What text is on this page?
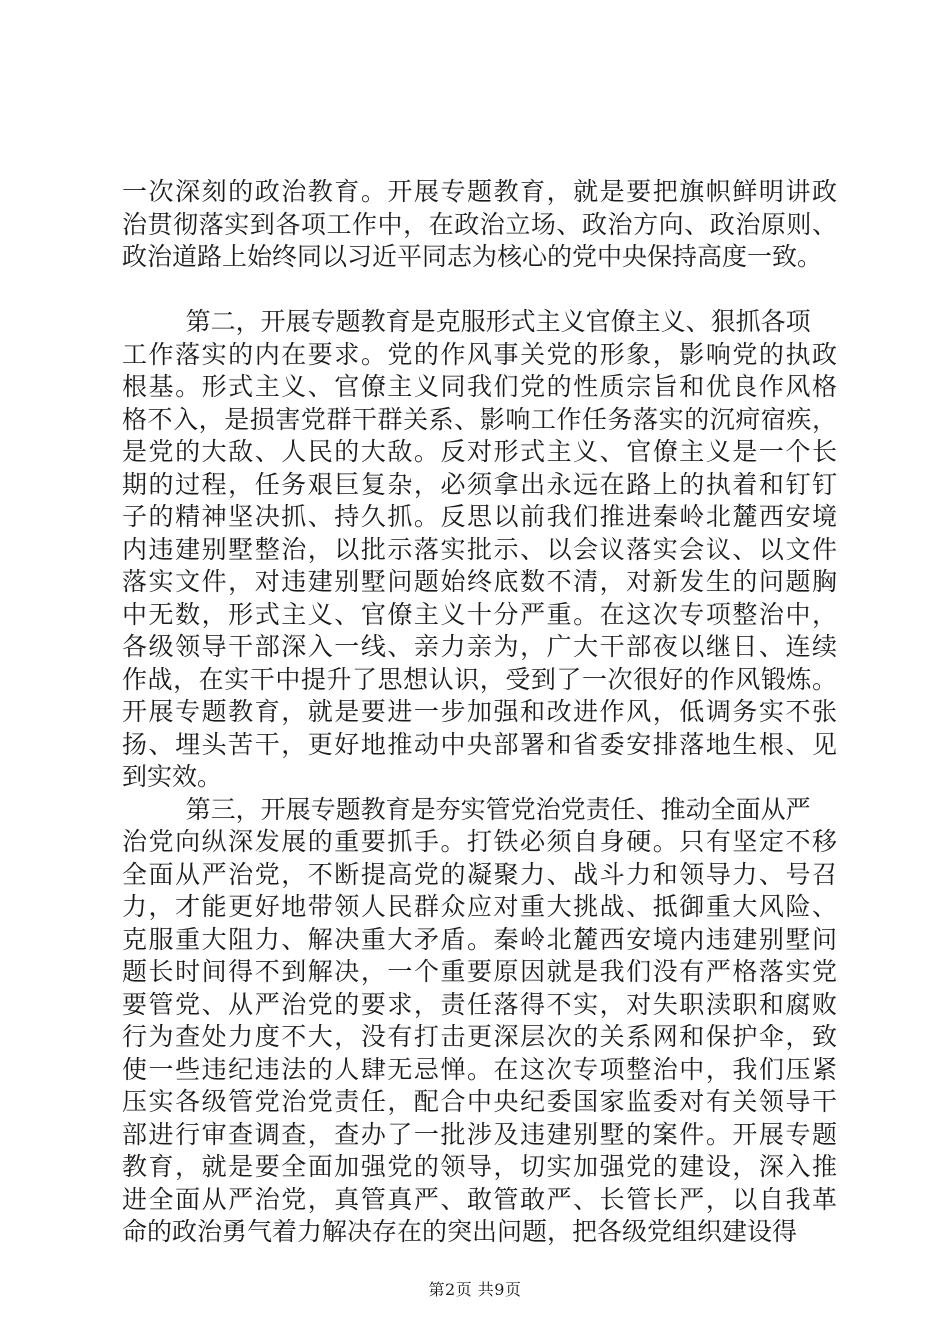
一次深刻的政治教育。开展专题教育，就是要把旗帜鲜明讲政
治贯彻落实到各项工作中，在政治立场、政治方向、政治原则、
政治道路上始终同以习近平同志为核心的党中央保持高度一致。
第二，开展专题教育是克服形式主义官僚主义、狠抓各项
工作落实的内在要求。党的作风事关党的形象，影响党的执政
根基。形式主义、官僚主义同我们党的性质宗旨和优良作风格
格不入，是损害党群干群关系、影响工作任务落实的沉疴宿疾，
是党的大敌、人民的大敌。反对形式主义、官僚主义是一个长
期的过程，任务艰巨复杂，必须拿出永远在路上的执着和钉钉
子的精神坚决抓、持久抓。反思以前我们推进秦岭北麓西安境
内违建别墅整治，以批示落实批示、以会议落实会议、以文件
落实文件，对违建别墅问题始终底数不清，对新发生的问题胸
中无数，形式主义、官僚主义十分严重。在这次专项整治中，
各级领导干部深入一线、亲力亲为，广大干部夜以继日、连续
作战，在实干中提升了思想认识，受到了一次很好的作风锻炼。
开展专题教育，就是要进一步加强和改进作风，低调务实不张
扬、埋头苦干，更好地推动中央部署和省委安排落地生根、见
到实效。
第三，开展专题教育是夯实管党治党责任、推动全面从严
治党向纵深发展的重要抓手。打铁必须自身硬。只有坚定不移
全面从严治党，不断提高党的凝聚力、战斗力和领导力、号召
力，才能更好地带领人民群众应对重大挑战、抵御重大风险、
克服重大阻力、解决重大矛盾。秦岭北麓西安境内违建别墅问
题长时间得不到解决，一个重要原因就是我们没有严格落实党
要管党、从严治党的要求，责任落得不实，对失职渎职和腐败
行为查处力度不大，没有打击更深层次的关系网和保护伞，致
使一些违纪违法的人肆无忌惮。在这次专项整治中，我们压紧
压实各级管党治党责任，配合中央纪委国家监委对有关领导干
部进行审查调查，查办了一批涉及违建别墅的案件。开展专题
教育，就是要全面加强党的领导，切实加强党的建设，深入推
进全面从严治党，真管真严、敢管敢严、长管长严，以自我革
命的政治勇气着力解决存在的突出问题，把各级党组织建设得
第2页 共9页
